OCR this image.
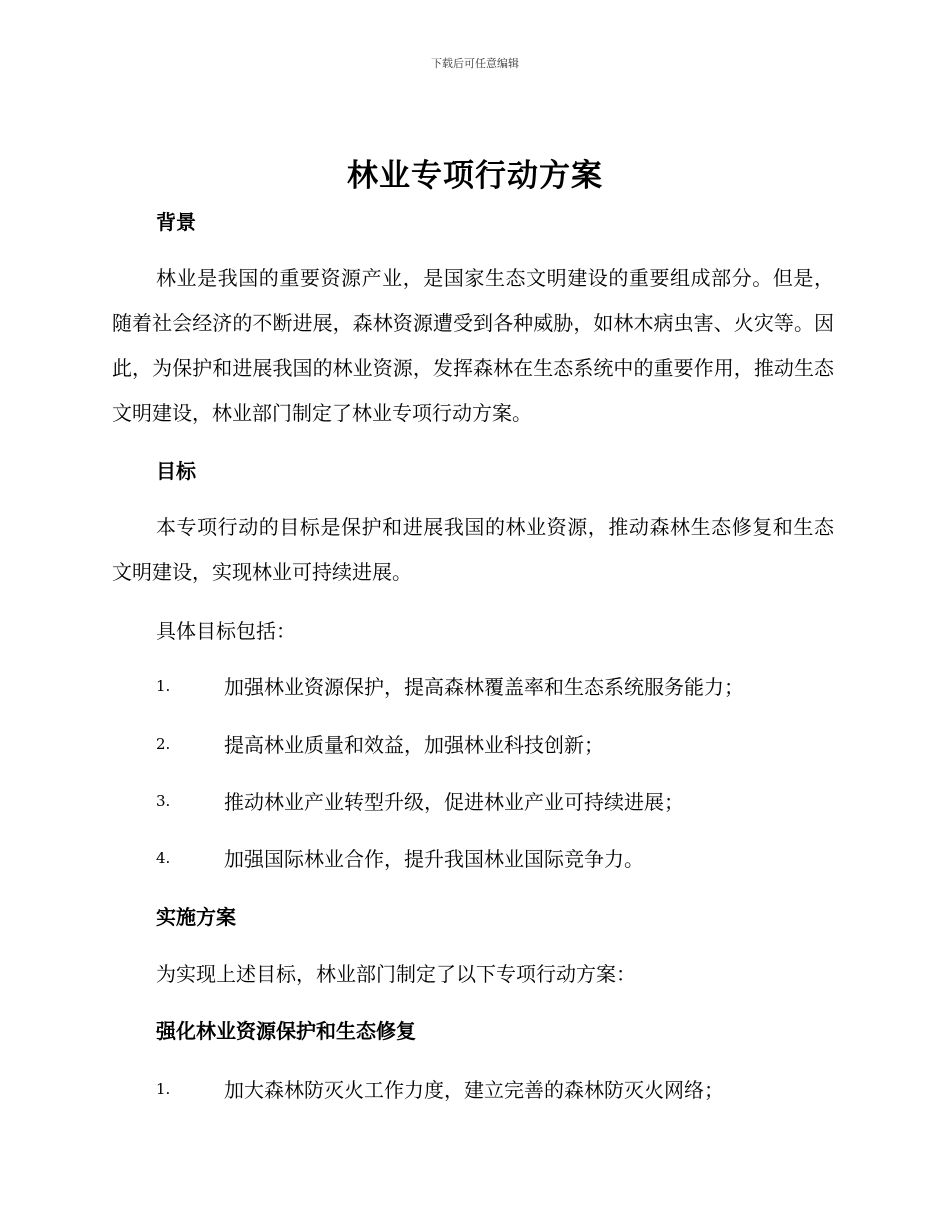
下载后可任意编辑
林业专项行动方案
背景
林业是我国的重要资源产业，是国家生态文明建设的重要组成部分。但是，随着社会经济的不断进展，森林资源遭受到各种威胁，如林木病虫害、火灾等。因此，为保护和进展我国的林业资源，发挥森林在生态系统中的重要作用，推动生态文明建设，林业部门制定了林业专项行动方案。
目标
本专项行动的目标是保护和进展我国的林业资源，推动森林生态修复和生态文明建设，实现林业可持续进展。
具体目标包括：
1.	加强林业资源保护，提高森林覆盖率和生态系统服务能力；
2.	提高林业质量和效益，加强林业科技创新；
3.	推动林业产业转型升级，促进林业产业可持续进展；
4.	加强国际林业合作，提升我国林业国际竞争力。
实施方案
为实现上述目标，林业部门制定了以下专项行动方案：
强化林业资源保护和生态修复
1.	加大森林防灭火工作力度，建立完善的森林防灭火网络；
